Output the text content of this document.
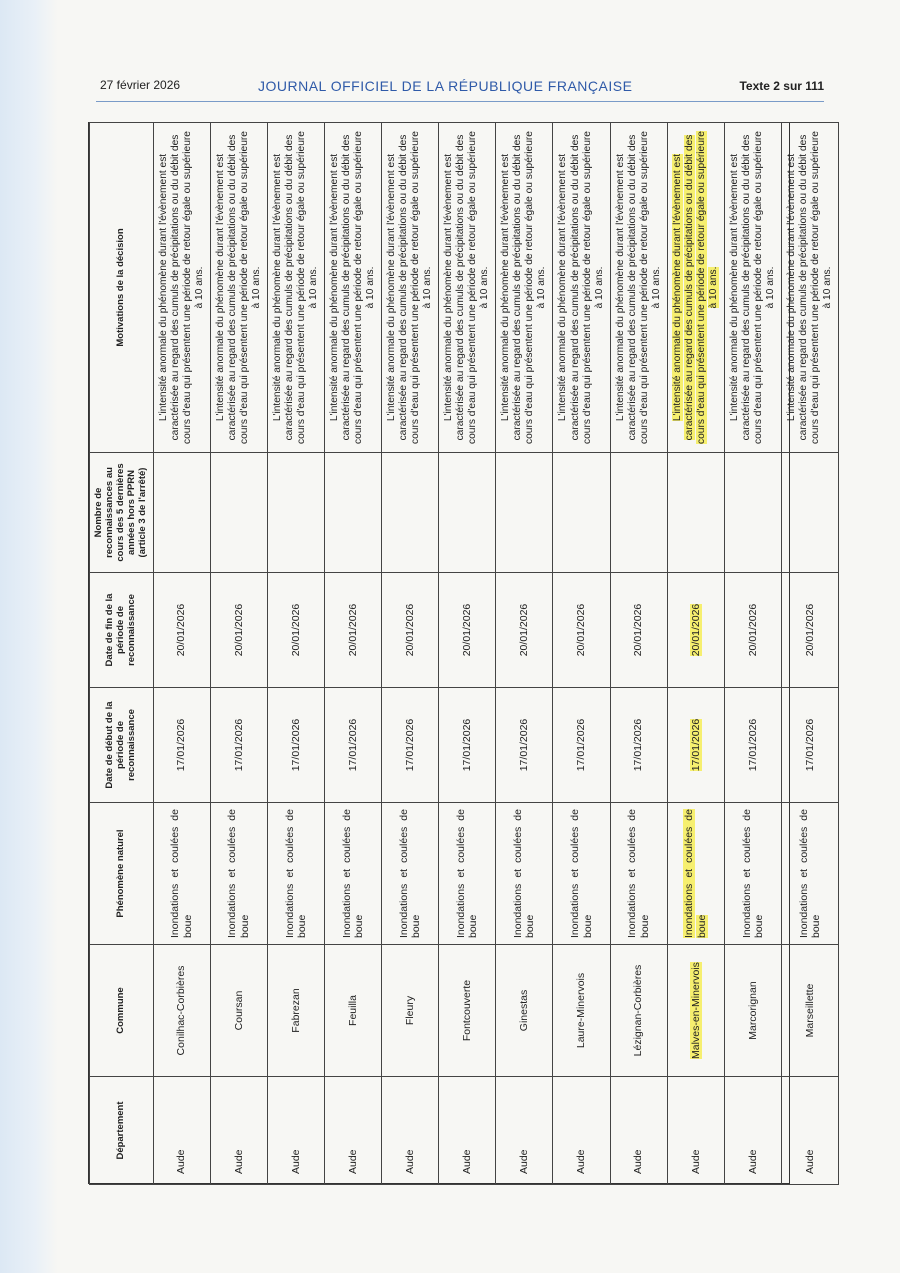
27 février 2026	JOURNAL OFFICIEL DE LA RÉPUBLIQUE FRANÇAISE	Texte 2 sur 111
Département	Commune	Phénomène naturel	Date de début de la période de reconnaissance	Date de fin de la période de reconnaissance	Nombre de reconnaissances au cours des 5 dernières années hors PPRN (article 3 de l'arrêté)	Motivations de la décision
Aude	Conilhac-Corbières	Inondations et coulées de boue	17/01/2026	20/01/2026		L'intensité anormale du phénomène durant l'évènement est caractérisée au regard des cumuls de précipitations ou du débit des cours d'eau qui présentent une période de retour égale ou supérieure à 10 ans.
Aude	Coursan	Inondations et coulées de boue	17/01/2026	20/01/2026		L'intensité anormale du phénomène durant l'évènement est caractérisée au regard des cumuls de précipitations ou du débit des cours d'eau qui présentent une période de retour égale ou supérieure à 10 ans.
Aude	Fabrezan	Inondations et coulées de boue	17/01/2026	20/01/2026		L'intensité anormale du phénomène durant l'évènement est caractérisée au regard des cumuls de précipitations ou du débit des cours d'eau qui présentent une période de retour égale ou supérieure à 10 ans.
Aude	Feuilla	Inondations et coulées de boue	17/01/2026	20/01/2026		L'intensité anormale du phénomène durant l'évènement est caractérisée au regard des cumuls de précipitations ou du débit des cours d'eau qui présentent une période de retour égale ou supérieure à 10 ans.
Aude	Fleury	Inondations et coulées de boue	17/01/2026	20/01/2026		L'intensité anormale du phénomène durant l'évènement est caractérisée au regard des cumuls de précipitations ou du débit des cours d'eau qui présentent une période de retour égale ou supérieure à 10 ans.
Aude	Fontcouverte	Inondations et coulées de boue	17/01/2026	20/01/2026		L'intensité anormale du phénomène durant l'évènement est caractérisée au regard des cumuls de précipitations ou du débit des cours d'eau qui présentent une période de retour égale ou supérieure à 10 ans.
Aude	Ginestas	Inondations et coulées de boue	17/01/2026	20/01/2026		L'intensité anormale du phénomène durant l'évènement est caractérisée au regard des cumuls de précipitations ou du débit des cours d'eau qui présentent une période de retour égale ou supérieure à 10 ans.
Aude	Laure-Minervois	Inondations et coulées de boue	17/01/2026	20/01/2026		L'intensité anormale du phénomène durant l'évènement est caractérisée au regard des cumuls de précipitations ou du débit des cours d'eau qui présentent une période de retour égale ou supérieure à 10 ans.
Aude	Lézignan-Corbières	Inondations et coulées de boue	17/01/2026	20/01/2026		L'intensité anormale du phénomène durant l'évènement est caractérisée au regard des cumuls de précipitations ou du débit des cours d'eau qui présentent une période de retour égale ou supérieure à 10 ans.
Aude	Malves-en-Minervois	Inondations et coulées de boue	17/01/2026	20/01/2026		L'intensité anormale du phénomène durant l'évènement est caractérisée au regard des cumuls de précipitations ou du débit des cours d'eau qui présentent une période de retour égale ou supérieure à 10 ans.
Aude	Marcorignan	Inondations et coulées de boue	17/01/2026	20/01/2026		L'intensité anormale du phénomène durant l'évènement est caractérisée au regard des cumuls de précipitations ou du débit des cours d'eau qui présentent une période de retour égale ou supérieure à 10 ans.
Aude	Marseillette	Inondations et coulées de boue	17/01/2026	20/01/2026		L'intensité anormale du phénomène durant l'évènement est caractérisée au regard des cumuls de précipitations ou du débit des cours d'eau qui présentent une période de retour égale ou supérieure à 10 ans.
